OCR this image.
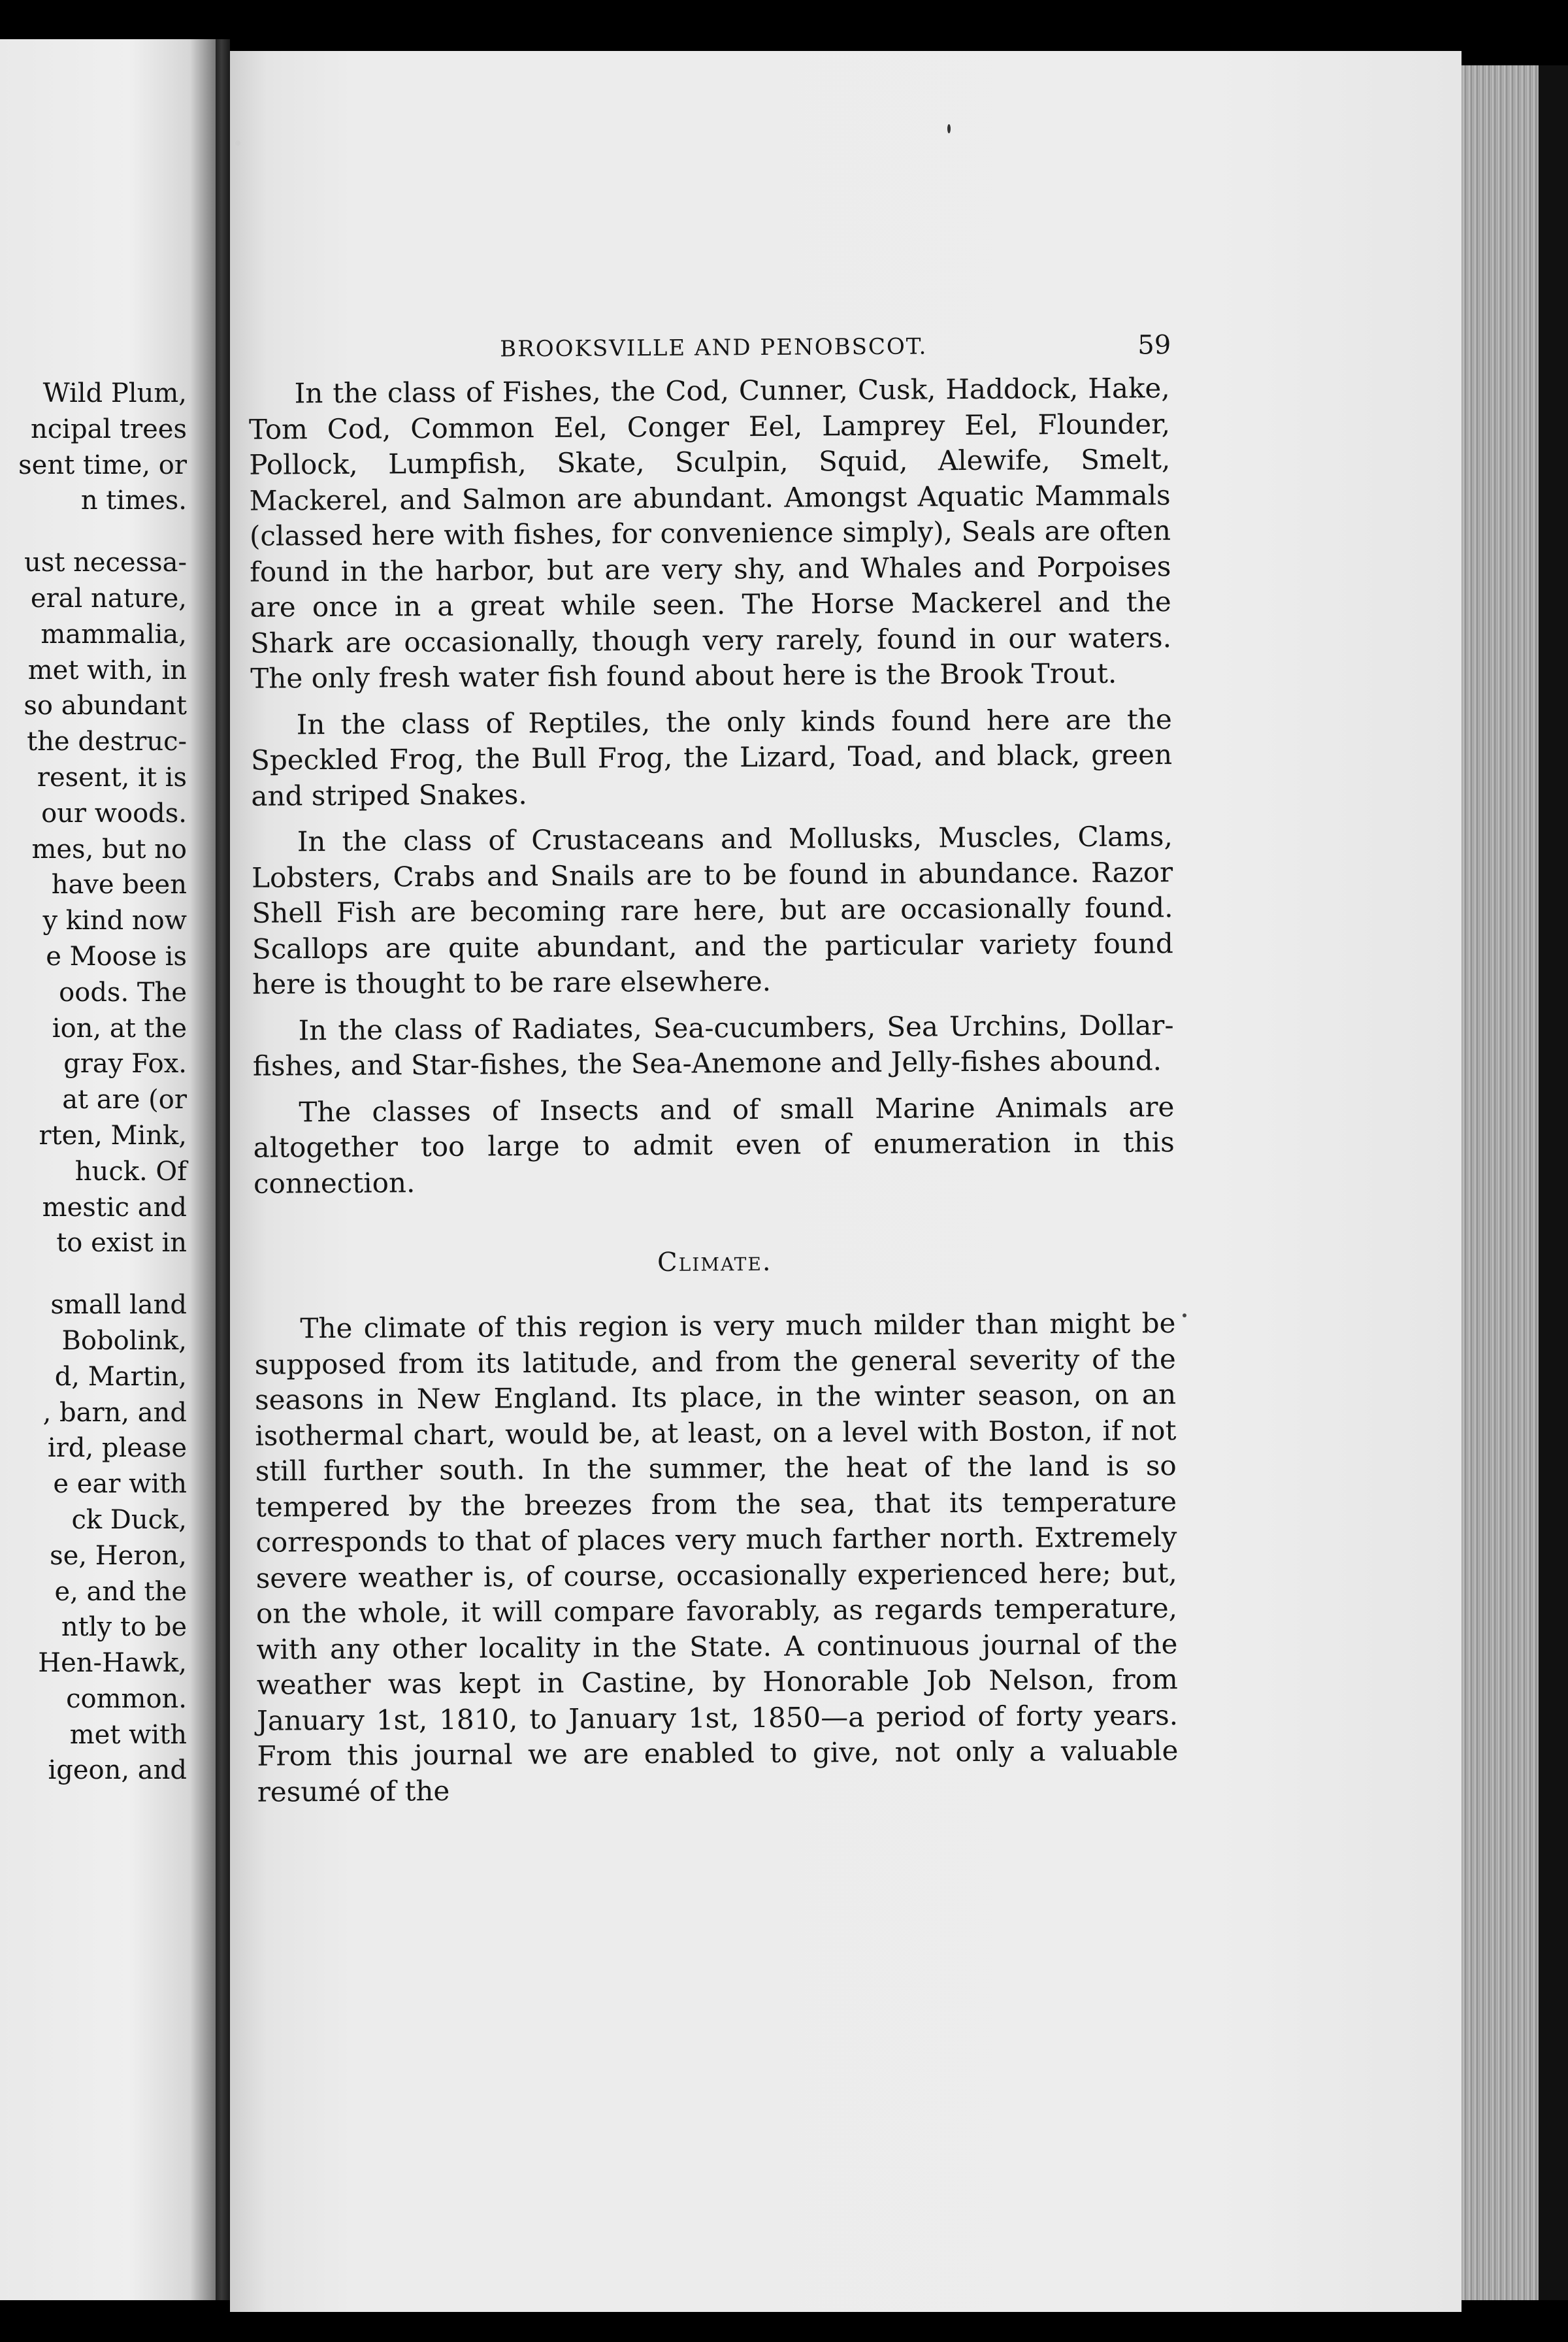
Wild Plum,
ncipal trees
sent time, or
n times.
ust necessa-
eral nature,
mammalia,
met with, in
so abundant
the destruc-
resent, it is
our woods.
mes, but no
have been
y kind now
e Moose is
oods. The
ion, at the
gray Fox.
at are (or
rten, Mink,
huck. Of
mestic and
to exist in
small land
Bobolink,
d, Martin,
, barn, and
ird, please
e ear with
ck Duck,
se, Heron,
e, and the
ntly to be
Hen-Hawk,
common.
met with
igeon, and
BROOKSVILLE AND PENOBSCOT.	59

In the class of Fishes, the Cod, Cunner, Cusk, Haddock, Hake, Tom Cod, Common Eel, Conger Eel, Lamprey Eel, Flounder, Pollock, Lumpfish, Skate, Sculpin, Squid, Alewife, Smelt, Mackerel, and Salmon are abundant. Amongst Aquatic Mammals (classed here with fishes, for convenience simply), Seals are often found in the harbor, but are very shy, and Whales and Porpoises are once in a great while seen. The Horse Mackerel and the Shark are occasionally, though very rarely, found in our waters. The only fresh water fish found about here is the Brook Trout.

In the class of Reptiles, the only kinds found here are the Speckled Frog, the Bull Frog, the Lizard, Toad, and black, green and striped Snakes.

In the class of Crustaceans and Mollusks, Muscles, Clams, Lobsters, Crabs and Snails are to be found in abundance. Razor Shell Fish are becoming rare here, but are occasionally found. Scallops are quite abundant, and the particular variety found here is thought to be rare elsewhere.

In the class of Radiates, Sea-cucumbers, Sea Urchins, Dollar-fishes, and Star-fishes, the Sea-Anemone and Jelly-fishes abound.

The classes of Insects and of small Marine Animals are altogether too large to admit even of enumeration in this connection.

Climate.

The climate of this region is very much milder than might be supposed from its latitude, and from the general severity of the seasons in New England. Its place, in the winter season, on an isothermal chart, would be, at least, on a level with Boston, if not still further south. In the summer, the heat of the land is so tempered by the breezes from the sea, that its temperature corresponds to that of places very much farther north. Extremely severe weather is, of course, occasionally experienced here; but, on the whole, it will compare favorably, as regards temperature, with any other locality in the State. A continuous journal of the weather was kept in Castine, by Honorable Job Nelson, from January 1st, 1810, to January 1st, 1850—a period of forty years. From this journal we are enabled to give, not only a valuable resumé of the
